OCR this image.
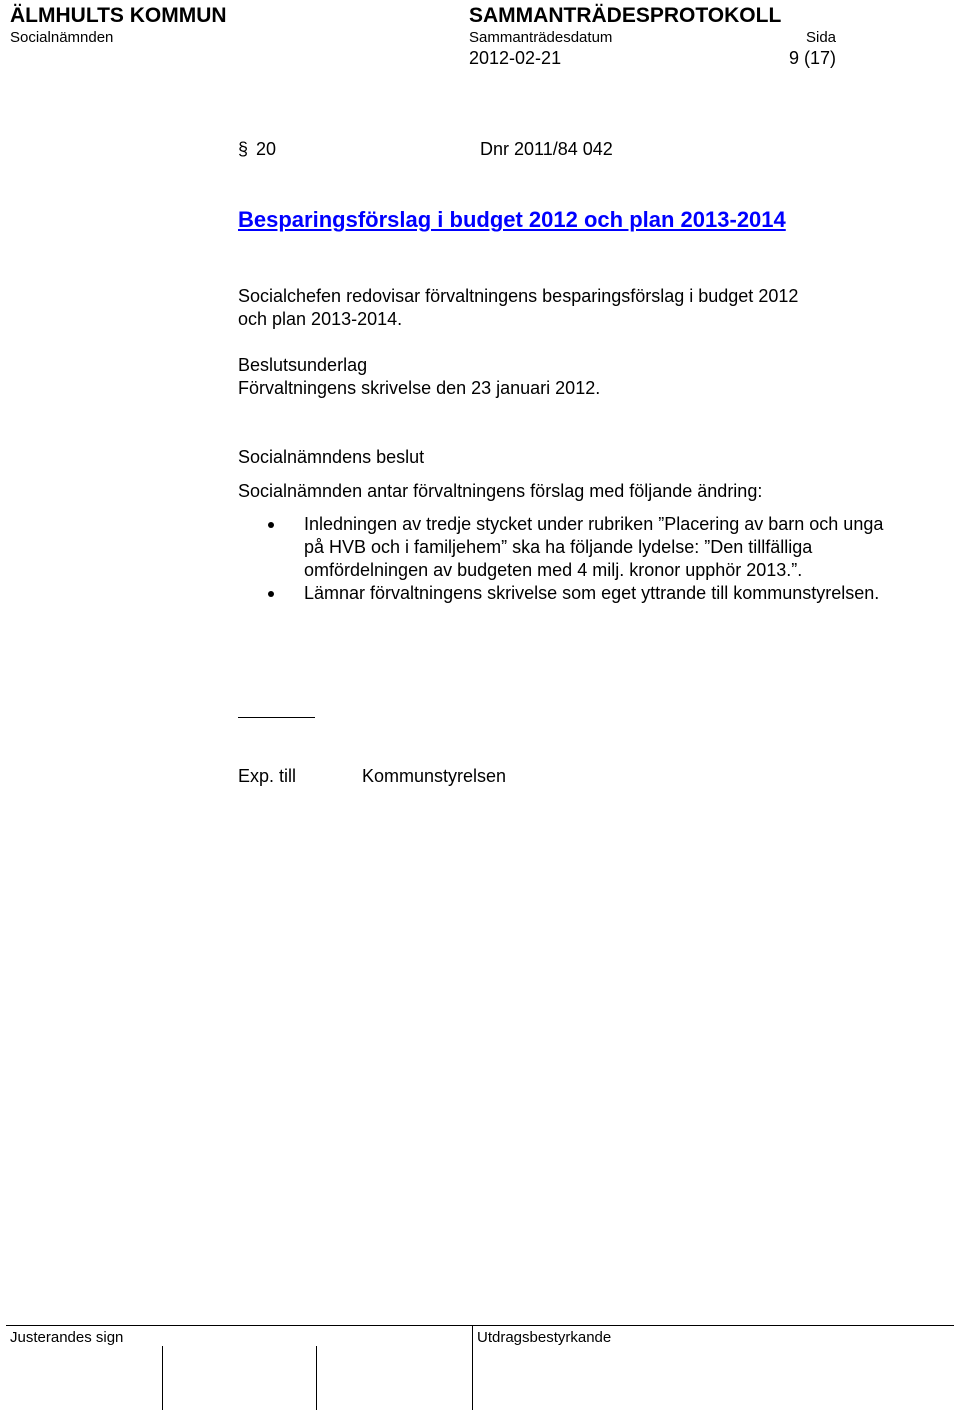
ÄLMHULTS KOMMUN
Socialnämnden
SAMMANTRÄDESPROTOKOLL
Sammanträdesdatum
2012-02-21
Sida
9 (17)
§ 20	Dnr 2011/84 042
Besparingsförslag i budget 2012 och plan 2013-2014
Socialchefen redovisar förvaltningens besparingsförslag i budget 2012
och plan 2013-2014.
Beslutsunderlag
Förvaltningens skrivelse den 23 januari 2012.
Socialnämndens beslut
Socialnämnden antar förvaltningens förslag med följande ändring:
Inledningen av tredje stycket under rubriken ”Placering av barn och unga på HVB och i familjehem” ska ha följande lydelse: ”Den tillfälliga omfördelningen av budgeten med 4 milj. kronor upphör 2013.”.
Lämnar förvaltningens skrivelse som eget yttrande till kommunstyrelsen.
Exp. till	Kommunstyrelsen
Justerandes sign	Utdragsbestyrkande
